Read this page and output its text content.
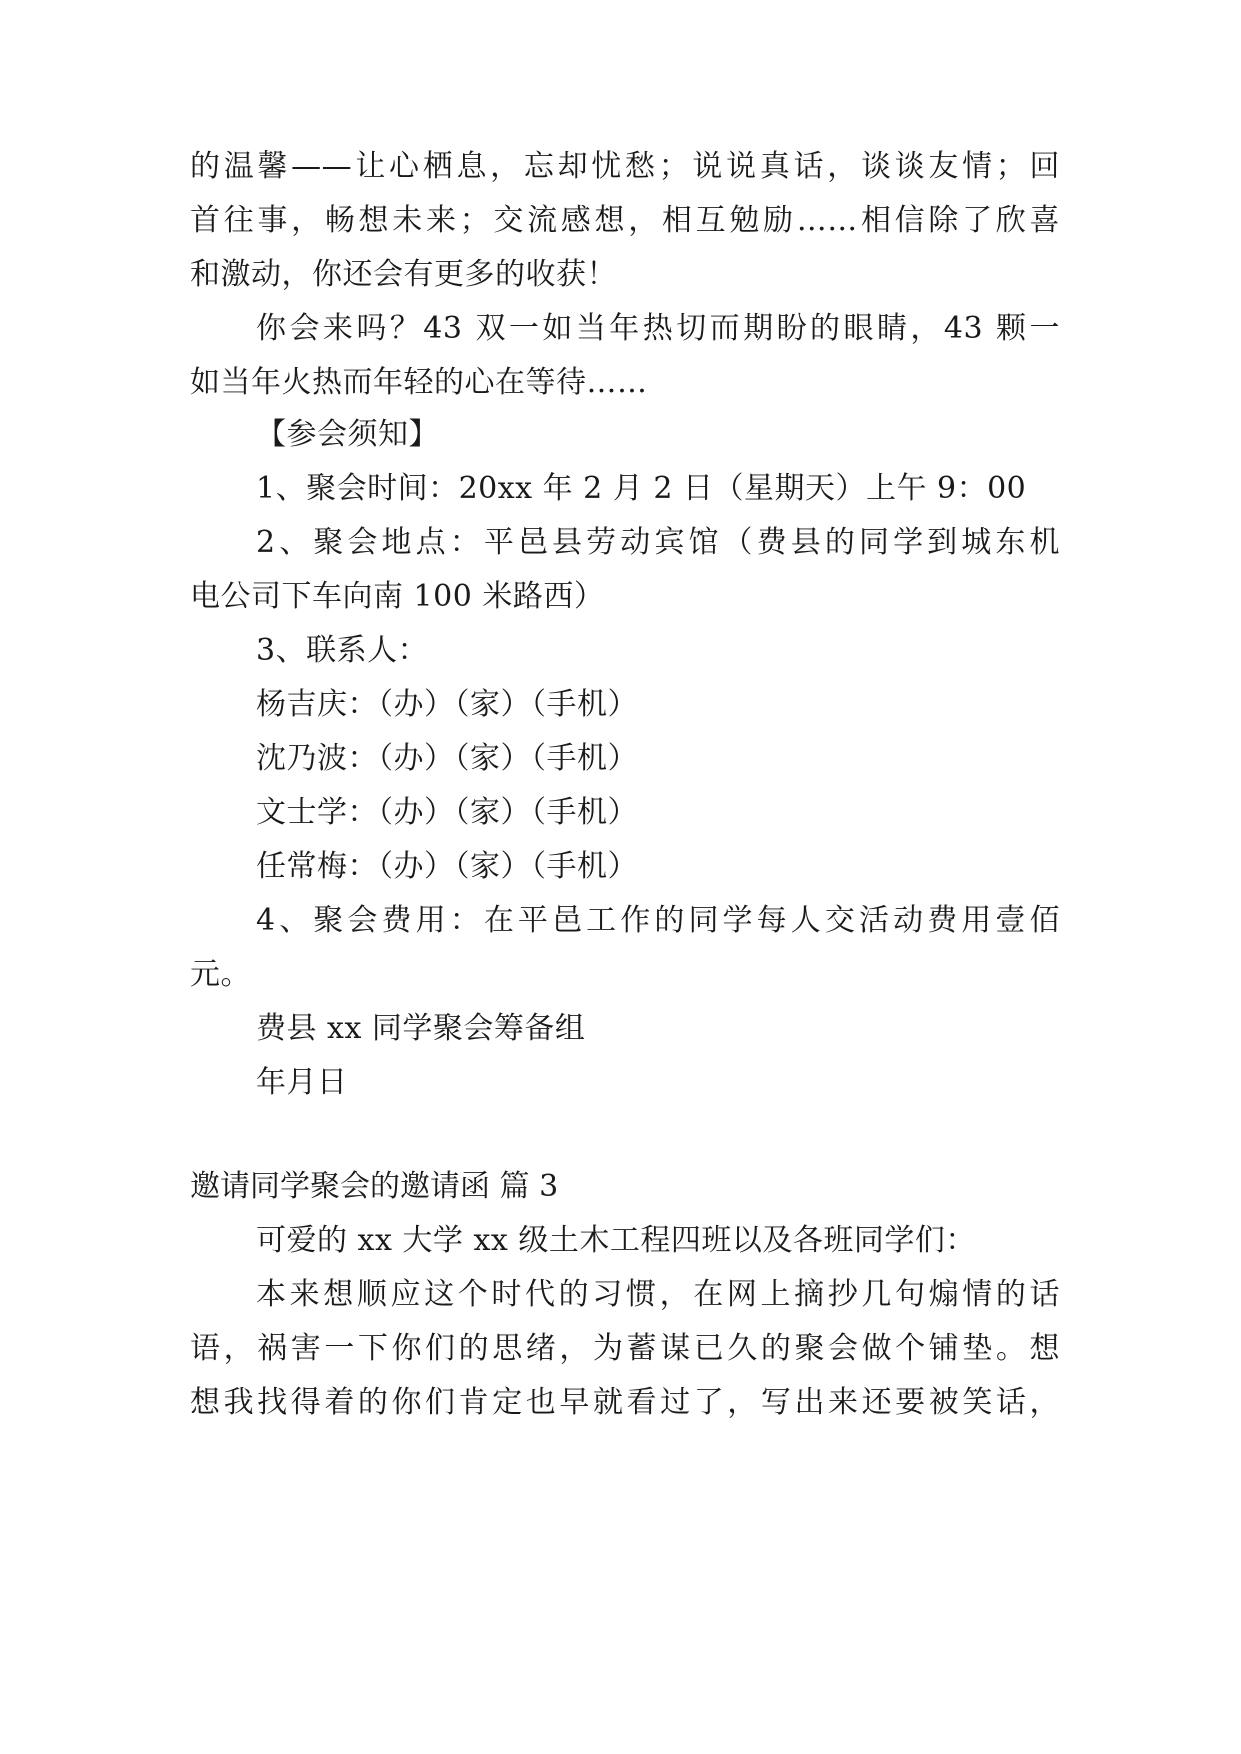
的温馨——让心栖息，忘却忧愁；说说真话，谈谈友情；回
首往事，畅想未来；交流感想，相互勉励……相信除了欣喜
和激动，你还会有更多的收获！
你会来吗？43 双一如当年热切而期盼的眼睛，43 颗一
如当年火热而年轻的心在等待……
【参会须知】
1、聚会时间：20xx 年 2 月 2 日（星期天）上午 9：00
2、聚会地点：平邑县劳动宾馆（费县的同学到城东机
电公司下车向南 100 米路西）
3、联系人：
杨吉庆：（办）（家）（手机）
沈乃波：（办）（家）（手机）
文士学：（办）（家）（手机）
任常梅：（办）（家）（手机）
4、聚会费用：在平邑工作的同学每人交活动费用壹佰
元。
费县 xx 同学聚会筹备组
年月日
邀请同学聚会的邀请函 篇 3
可爱的 xx 大学 xx 级土木工程四班以及各班同学们：
本来想顺应这个时代的习惯，在网上摘抄几句煽情的话
语，祸害一下你们的思绪，为蓄谋已久的聚会做个铺垫。想
想我找得着的你们肯定也早就看过了，写出来还要被笑话，
